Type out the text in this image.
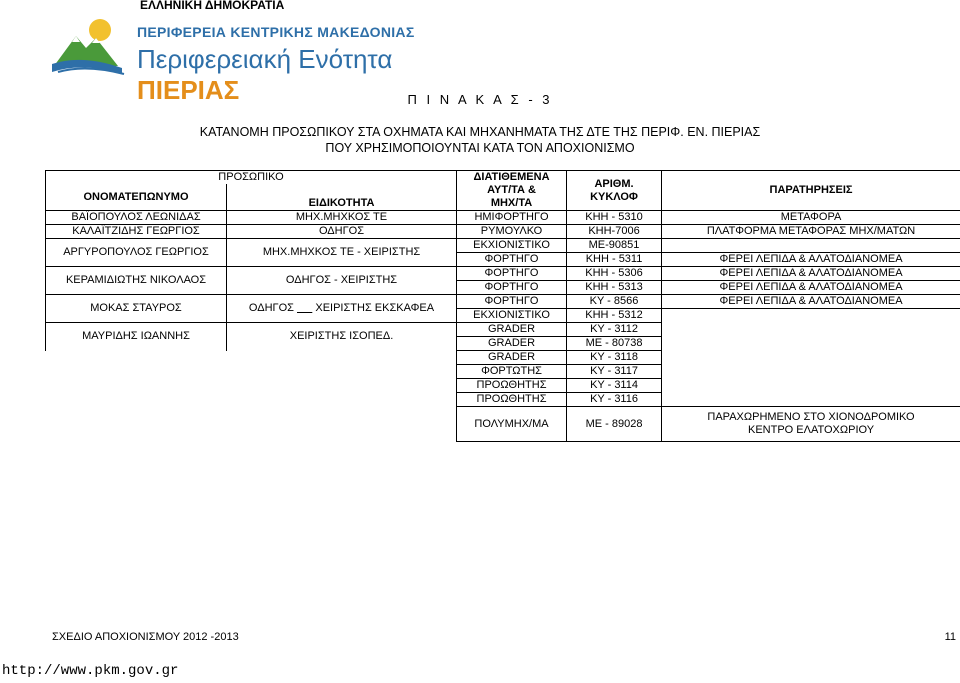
ΕΛΛΗΝΙΚΗ ΔΗΜΟΚΡΑΤΙΑ
ΠΕΡΙΦΕΡΕΙΑ ΚΕΝΤΡΙΚΗΣ ΜΑΚΕΔΟΝΙΑΣ
Περιφερειακή Ενότητα ΠΙΕΡΙΑΣ	Π Ι Ν Α Κ Α Σ - 3
ΚΑΤΑΝΟΜΗ ΠΡΟΣΩΠΙΚΟΥ ΣΤΑ ΟΧΗΜΑΤΑ ΚΑΙ ΜΗΧΑΝΗΜΑΤΑ ΤΗΣ ΔΤΕ ΤΗΣ ΠΕΡΙΦ. ΕΝ. ΠΙΕΡΙΑΣ
ΠΟΥ ΧΡΗΣΙΜΟΠΟΙΟΥΝΤΑΙ ΚΑΤΑ ΤΟΝ ΑΠΟΧΙΟΝΙΣΜΟ
ΠΡΟΣΩΠΙΚΟ		ΔΙΑΤΙΘΕΜΕΝΑ	ΑΡΙΘΜ.
ΚΥΚΛΟΦ	ΠΑΡΑΤΗΡΗΣΕΙΣ
ΟΝΟΜΑΤΕΠΩΝΥΜΟ	ΕΙΔΙΚΟΤΗΤΑ	ΑΥΤ/ΤΑ &		
		ΜΗΧ/ΤΑ		
ΒΑΪΟΠΟΥΛΟΣ ΛΕΩΝΙΔΑΣ	ΜΗΧ.ΜΗΧΚΟΣ ΤΕ	ΗΜΙΦΟΡΤΗΓΟ	ΚΗΗ - 5310	ΜΕΤΑΦΟΡΑ
ΚΑΛΑΪΤΖΙΔΗΣ ΓΕΩΡΓΙΟΣ	ΟΔΗΓΟΣ	ΡΥΜΟΥΛΚΟ	ΚΗΗ-7006	ΠΛΑΤΦΟΡΜΑ ΜΕΤΑΦΟΡΑΣ ΜΗΧ/ΜΑΤΩΝ
ΑΡΓΥΡΟΠΟΥΛΟΣ ΓΕΩΡΓΙΟΣ	ΜΗΧ.ΜΗΧΚΟΣ ΤΕ - ΧΕΙΡΙΣΤΗΣ	ΕΚΧΙΟΝΙΣΤΙΚΟ	ΜΕ-90851	
		ΦΟΡΤΗΓΟ	ΚΗΗ - 5311	ΦΕΡΕΙ ΛΕΠΙΔΑ & ΑΛΑΤΟΔΙΑΝΟΜΕΑ
ΚΕΡΑΜΙΔΙΩΤΗΣ ΝΙΚΟΛΑΟΣ	ΟΔΗΓΟΣ - ΧΕΙΡΙΣΤΗΣ	ΦΟΡΤΗΓΟ	ΚΗΗ - 5306	ΦΕΡΕΙ ΛΕΠΙΔΑ & ΑΛΑΤΟΔΙΑΝΟΜΕΑ
		ΦΟΡΤΗΓΟ	ΚΗΗ - 5313	ΦΕΡΕΙ ΛΕΠΙΔΑ & ΑΛΑΤΟΔΙΑΝΟΜΕΑ
ΜΟΚΑΣ ΣΤΑΥΡΟΣ	ΟΔΗΓΟΣ       ΧΕΙΡΙΣΤΗΣ ΕΚΣΚΑΦΕΑ	ΦΟΡΤΗΓΟ	ΚΥ - 8566	ΦΕΡΕΙ ΛΕΠΙΔΑ & ΑΛΑΤΟΔΙΑΝΟΜΕΑ
		ΕΚΧΙΟΝΙΣΤΙΚΟ	ΚΗΗ - 5312	
ΜΑΥΡΙΔΗΣ ΙΩΑΝΝΗΣ	ΧΕΙΡΙΣΤΗΣ ΙΣΟΠΕΔ.	GRADER	ΚΥ - 3112	
		GRADER	ΜΕ - 80738	
		GRADER	ΚΥ - 3118	
		ΦΟΡΤΩΤΗΣ	ΚΥ - 3117	
		ΠΡΟΩΘΗΤΗΣ	ΚΥ - 3114	
		ΠΡΟΩΘΗΤΗΣ	ΚΥ - 3116	
		ΠΟΛΥΜΗΧ/ΜΑ	ΜΕ - 89028	ΠΑΡΑΧΩΡΗΜΕΝΟ ΣΤΟ ΧΙΟΝΟΔΡΟΜΙΚΟ
ΚΕΝΤΡΟ ΕΛΑΤΟΧΩΡΙΟΥ
ΣΧΕΔΙΟ ΑΠΟΧΙΟΝΙΣΜΟΥ 2012 -2013	11
http://www.pkm.gov.gr
